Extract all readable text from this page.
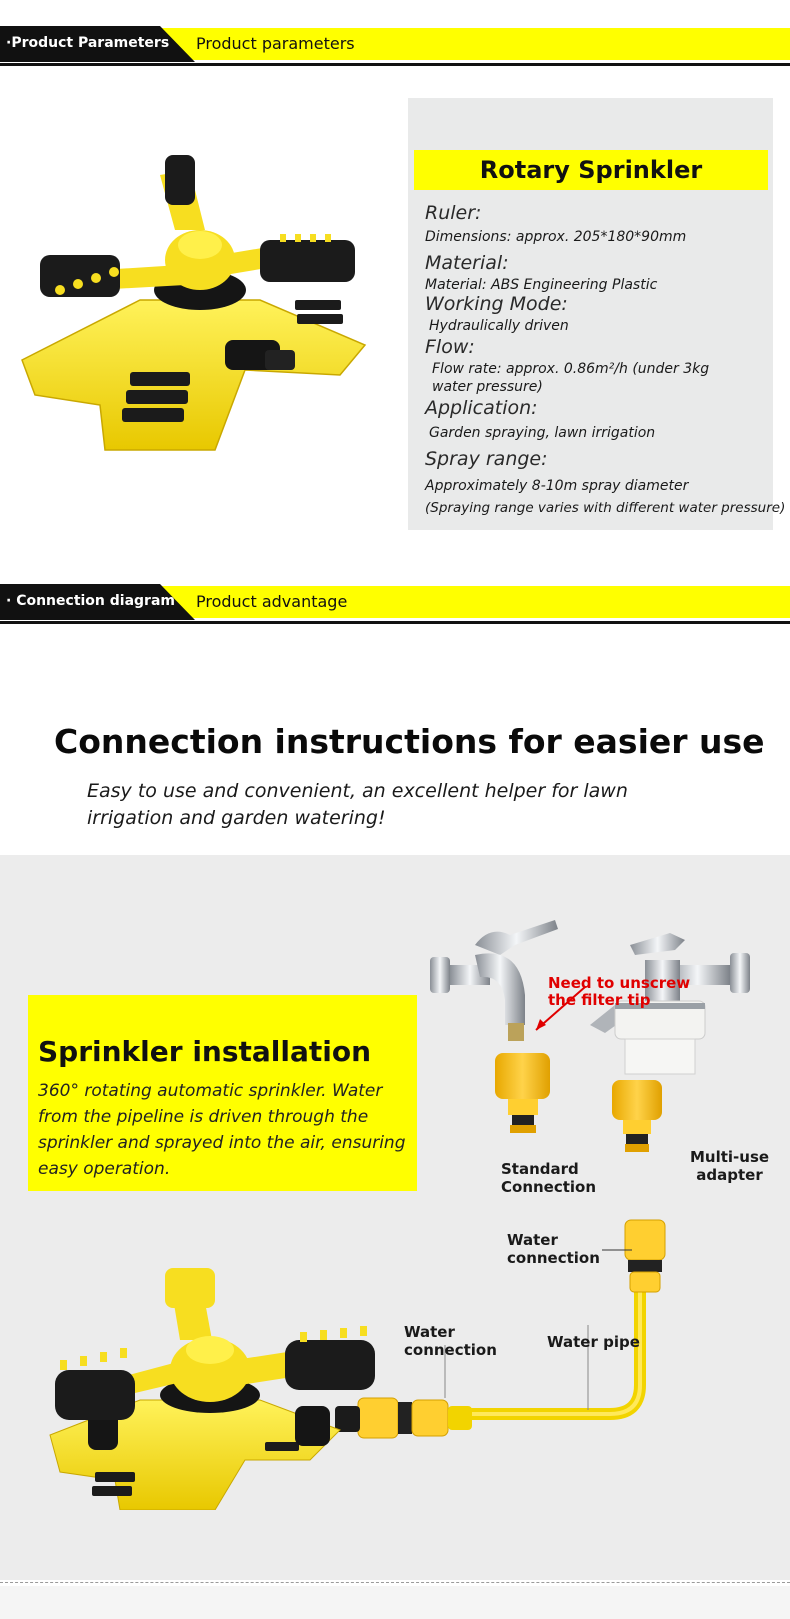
·Product Parameters Product parameters
Rotary Sprinkler
Ruler:
Dimensions: approx. 205*180*90mm
Material:
Material: ABS Engineering Plastic
Working Mode:
Hydraulically driven
Flow:
Flow rate: approx. 0.86m²/h (under 3kg
water pressure)
Application:
Garden spraying, lawn irrigation
Spray range:
Approximately 8-10m spray diameter
(Spraying range varies with different water pressure)
· Connection diagram Product advantage
Connection instructions for easier use
Easy to use and convenient, an excellent helper for lawn
irrigation and garden watering!
Sprinkler installation
360° rotating automatic sprinkler. Water from the pipeline is driven through the sprinkler and sprayed into the air, ensuring easy operation.
Need to unscrew
the filter tip
Standard
Connection
Multi-use
adapter
Water
connection
Water
connection	Water pipe
